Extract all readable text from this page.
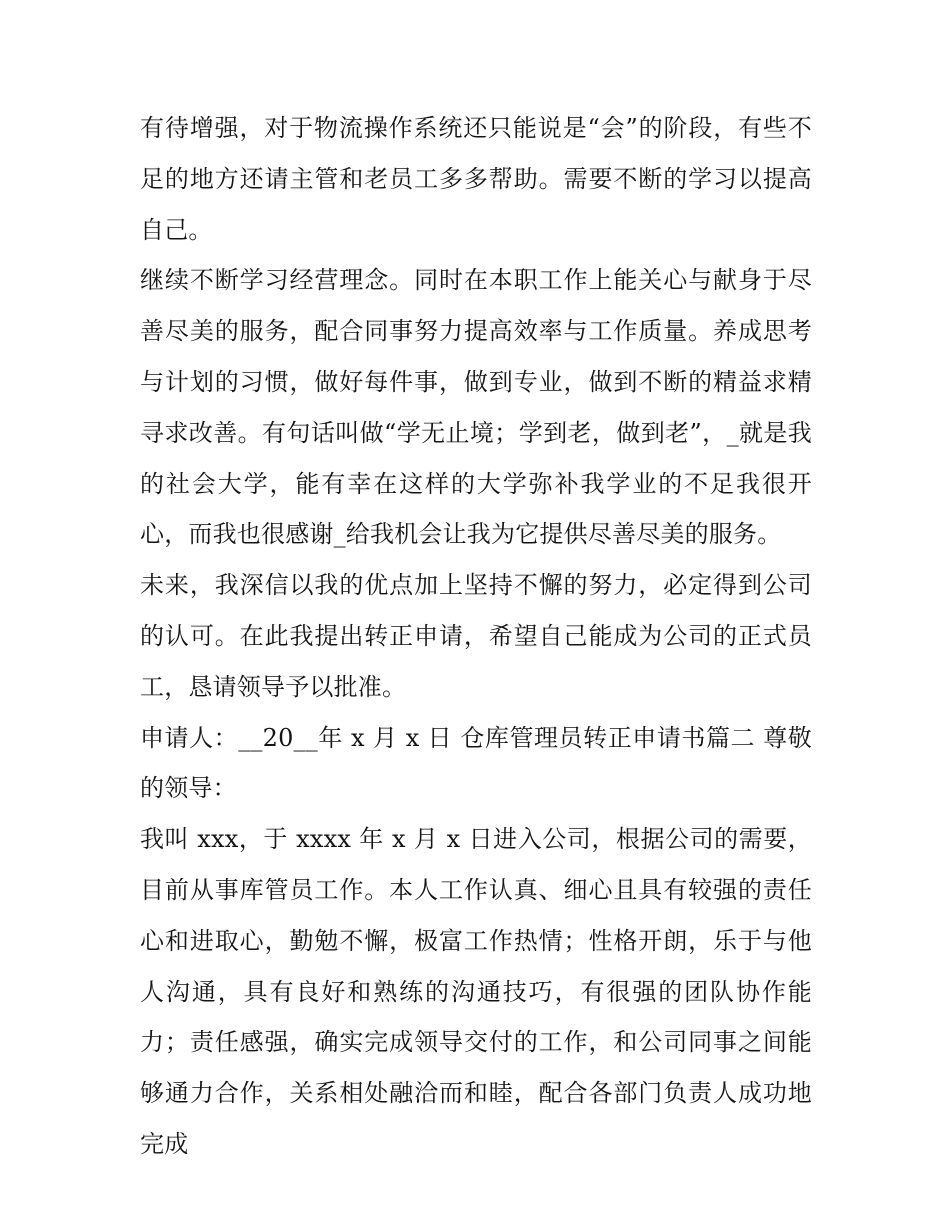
有待增强，对于物流操作系统还只能说是“会”的阶段，有些不足的地方还请主管和老员工多多帮助。需要不断的学习以提高自己。

继续不断学习经营理念。同时在本职工作上能关心与献身于尽善尽美的服务，配合同事努力提高效率与工作质量。养成思考与计划的习惯，做好每件事，做到专业，做到不断的精益求精寻求改善。有句话叫做“学无止境；学到老，做到老”，_就是我的社会大学，能有幸在这样的大学弥补我学业的不足我很开心，而我也很感谢_给我机会让我为它提供尽善尽美的服务。

未来，我深信以我的优点加上坚持不懈的努力，必定得到公司的认可。在此我提出转正申请，希望自己能成为公司的正式员工，恳请领导予以批准。

申请人：__20__年 x 月 x 日 仓库管理员转正申请书篇二 尊敬的领导：

我叫 xxx，于 xxxx 年 x 月 x 日进入公司，根据公司的需要，目前从事库管员工作。本人工作认真、细心且具有较强的责任心和进取心，勤勉不懈，极富工作热情；性格开朗，乐于与他人沟通，具有良好和熟练的沟通技巧，有很强的团队协作能力；责任感强，确实完成领导交付的工作，和公司同事之间能够通力合作，关系相处融洽而和睦，配合各部门负责人成功地完成
